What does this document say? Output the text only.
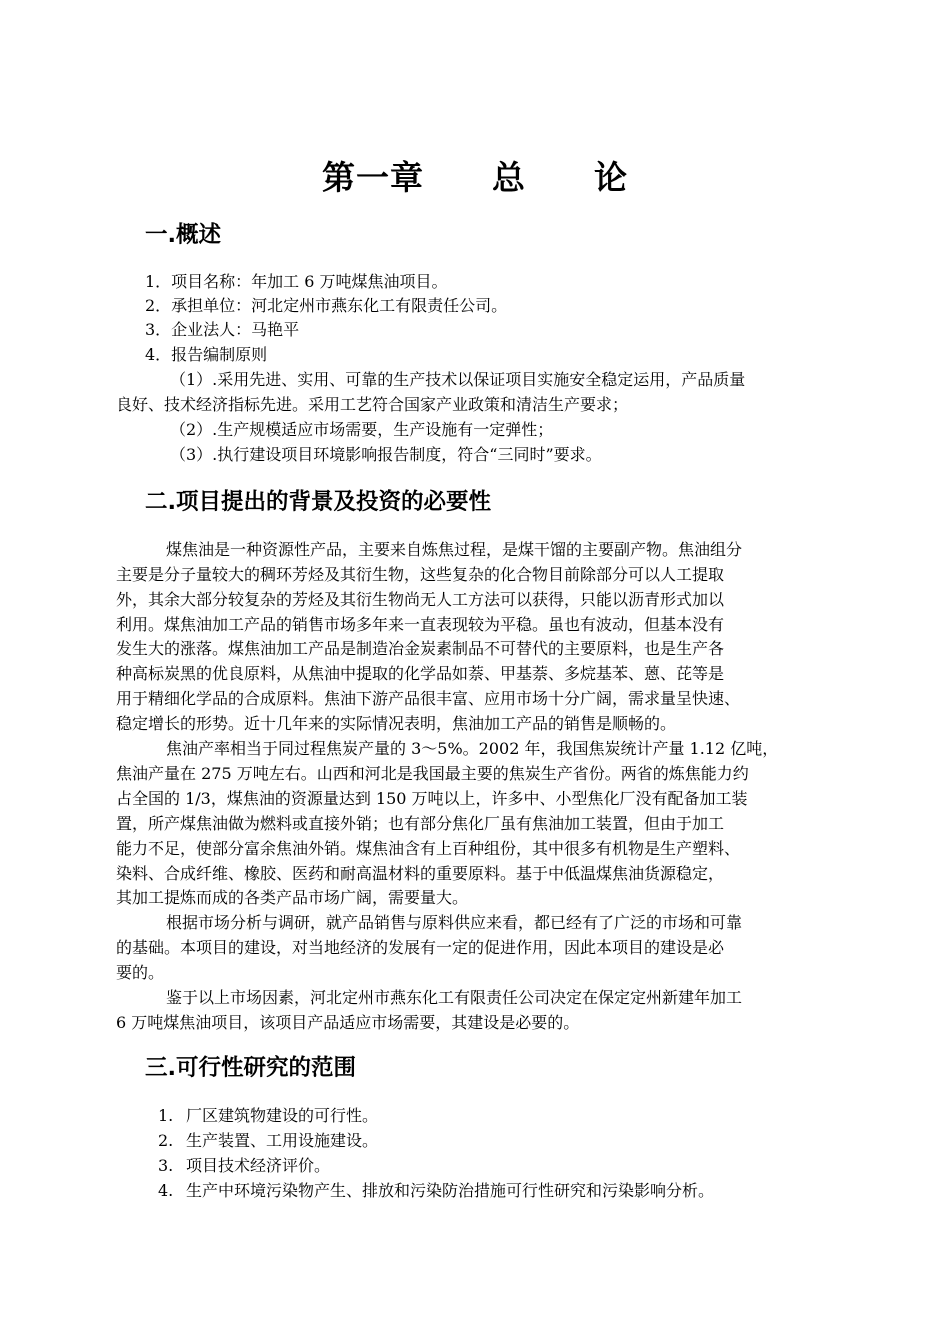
第一章　　总　　论
一.概述
1．项目名称：年加工 6 万吨煤焦油项目。
2．承担单位：河北定州市燕东化工有限责任公司。
3．企业法人：马艳平
4．报告编制原则
（1）.采用先进、实用、可靠的生产技术以保证项目实施安全稳定运用，产品质量
良好、技术经济指标先进。采用工艺符合国家产业政策和清洁生产要求；
（2）.生产规模适应市场需要，生产设施有一定弹性；
（3）.执行建设项目环境影响报告制度，符合“三同时”要求。
二.项目提出的背景及投资的必要性
煤焦油是一种资源性产品，主要来自炼焦过程，是煤干馏的主要副产物。焦油组分
主要是分子量较大的稠环芳烃及其衍生物，这些复杂的化合物目前除部分可以人工提取
外，其余大部分较复杂的芳烃及其衍生物尚无人工方法可以获得，只能以沥青形式加以
利用。煤焦油加工产品的销售市场多年来一直表现较为平稳。虽也有波动，但基本没有
发生大的涨落。煤焦油加工产品是制造冶金炭素制品不可替代的主要原料，也是生产各
种高标炭黑的优良原料，从焦油中提取的化学品如萘、甲基萘、多烷基苯、蒽、芘等是
用于精细化学品的合成原料。焦油下游产品很丰富、应用市场十分广阔，需求量呈快速、
稳定增长的形势。近十几年来的实际情况表明，焦油加工产品的销售是顺畅的。
焦油产率相当于同过程焦炭产量的 3～5%。2002 年，我国焦炭统计产量 1.12 亿吨，
焦油产量在 275 万吨左右。山西和河北是我国最主要的焦炭生产省份。两省的炼焦能力约
占全国的 1/3，煤焦油的资源量达到 150 万吨以上，许多中、小型焦化厂没有配备加工装
置，所产煤焦油做为燃料或直接外销；也有部分焦化厂虽有焦油加工装置，但由于加工
能力不足，使部分富余焦油外销。煤焦油含有上百种组份，其中很多有机物是生产塑料、
染料、合成纤维、橡胶、医药和耐高温材料的重要原料。基于中低温煤焦油货源稳定，
其加工提炼而成的各类产品市场广阔，需要量大。
根据市场分析与调研，就产品销售与原料供应来看，都已经有了广泛的市场和可靠
的基础。本项目的建设，对当地经济的发展有一定的促进作用，因此本项目的建设是必
要的。
鉴于以上市场因素，河北定州市燕东化工有限责任公司决定在保定定州新建年加工
6 万吨煤焦油项目，该项目产品适应市场需要，其建设是必要的。
三.可行性研究的范围
1. 厂区建筑物建设的可行性。
2. 生产装置、工用设施建设。
3. 项目技术经济评价。
4. 生产中环境污染物产生、排放和污染防治措施可行性研究和污染影响分析。
